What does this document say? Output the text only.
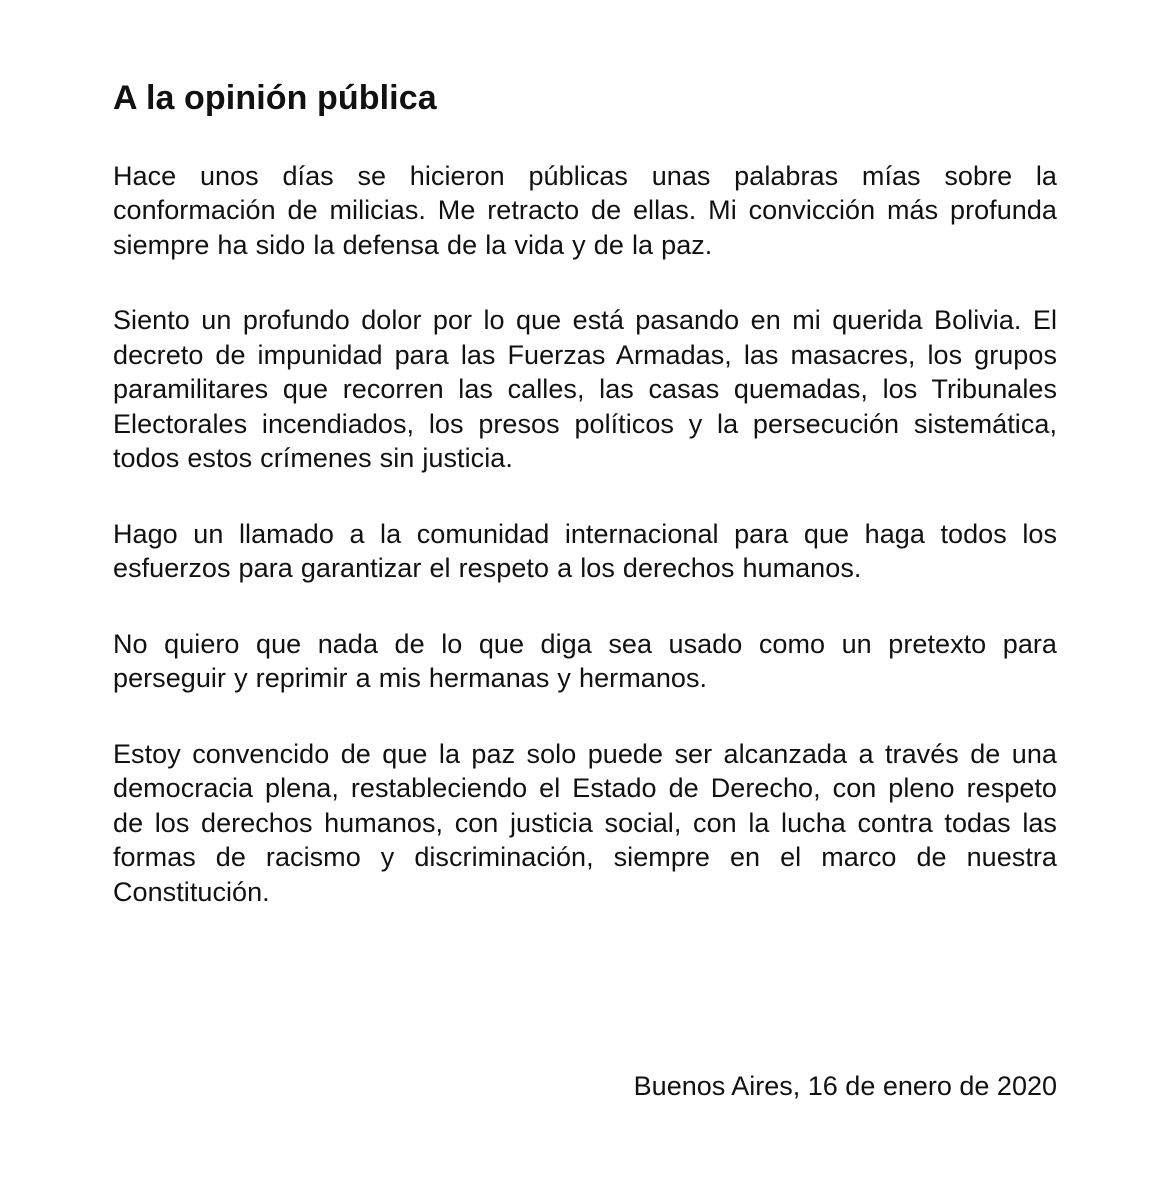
A la opinión pública

Hace unos días se hicieron públicas unas palabras mías sobre la conformación de milicias. Me retracto de ellas. Mi convicción más profunda siempre ha sido la defensa de la vida y de la paz.

Siento un profundo dolor por lo que está pasando en mi querida Bolivia. El decreto de impunidad para las Fuerzas Armadas, las masacres, los grupos paramilitares que recorren las calles, las casas quemadas, los Tribunales Electorales incendiados, los presos políticos y la persecución sistemática, todos estos crímenes sin justicia.

Hago un llamado a la comunidad internacional para que haga todos los esfuerzos para garantizar el respeto a los derechos humanos.

No quiero que nada de lo que diga sea usado como un pretexto para perseguir y reprimir a mis hermanas y hermanos.

Estoy convencido de que la paz solo puede ser alcanzada a través de una democracia plena, restableciendo el Estado de Derecho, con pleno respeto de los derechos humanos, con justicia social, con la lucha contra todas las formas de racismo y discriminación, siempre en el marco de nuestra Constitución.

Buenos Aires, 16 de enero de 2020
